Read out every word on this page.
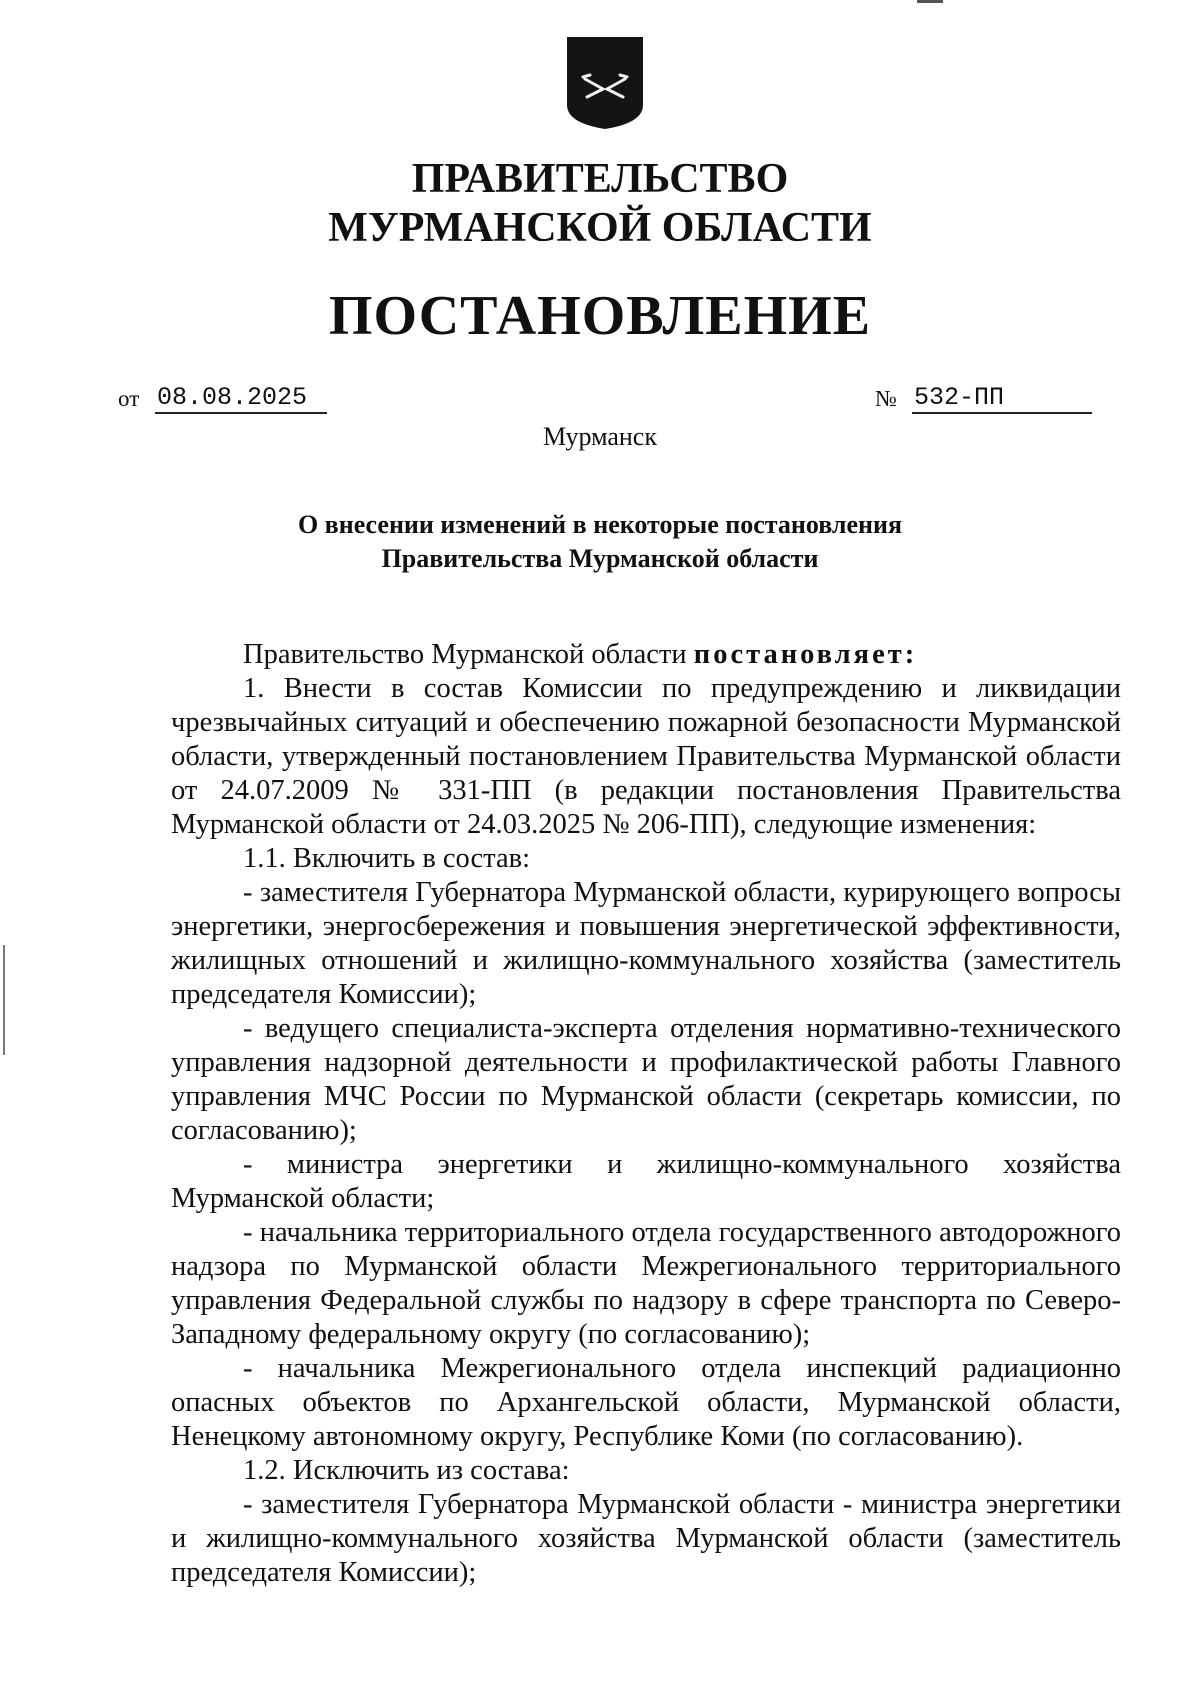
ПРАВИТЕЛЬСТВО
МУРМАНСКОЙ ОБЛАСТИ
ПОСТАНОВЛЕНИЕ
от 08.08.2025	№ 532-ПП
Мурманск
О внесении изменений в некоторые постановления
Правительства Мурманской области

Правительство Мурманской области постановляет:

1. Внести в состав Комиссии по предупреждению и ликвидации чрезвычайных ситуаций и обеспечению пожарной безопасности Мурманской области, утвержденный постановлением Правительства Мурманской области от 24.07.2009 № 331-ПП (в редакции постановления Правительства Мурманской области от 24.03.2025 № 206-ПП), следующие изменения:

1.1. Включить в состав:

- заместителя Губернатора Мурманской области, курирующего вопросы энергетики, энергосбережения и повышения энергетической эффективности, жилищных отношений и жилищно-коммунального хозяйства (заместитель председателя Комиссии);

- ведущего специалиста-эксперта отделения нормативно-технического управления надзорной деятельности и профилактической работы Главного управления МЧС России по Мурманской области (секретарь комиссии, по согласованию);

- министра энергетики и жилищно-коммунального хозяйства Мурманской области;

- начальника территориального отдела государственного автодорожного надзора по Мурманской области Межрегионального территориального управления Федеральной службы по надзору в сфере транспорта по Северо-Западному федеральному округу (по согласованию);

- начальника Межрегионального отдела инспекций радиационно опасных объектов по Архангельской области, Мурманской области, Ненецкому автономному округу, Республике Коми (по согласованию).

1.2. Исключить из состава:

- заместителя Губернатора Мурманской области - министра энергетики и жилищно-коммунального хозяйства Мурманской области (заместитель председателя Комиссии);
